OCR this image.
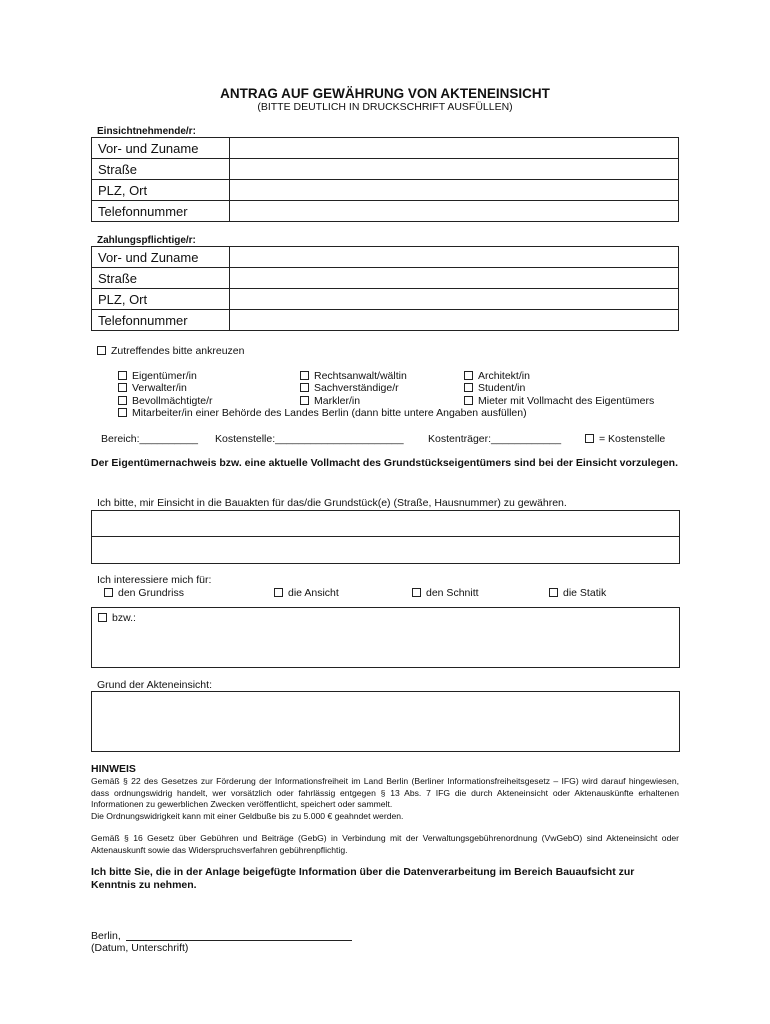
ANTRAG AUF GEWÄHRUNG VON AKTENEINSICHT
(BITTE DEUTLICH IN DRUCKSCHRIFT AUSFÜLLEN)
Einsichtnehmende/r:
Vor- und Zuname	
Straße	
PLZ, Ort	
Telefonnummer	
Zahlungspflichtige/r:
Vor- und Zuname	
Straße	
PLZ, Ort	
Telefonnummer	
Zutreffendes bitte ankreuzen
Eigentümer/in	Rechtsanwalt/wältin	Architekt/in
Verwalter/in	Sachverständige/r	Student/in
Bevollmächtigte/r	Markler/in	Mieter mit Vollmacht des Eigentümers
Mitarbeiter/in einer Behörde des Landes Berlin (dann bitte untere Angaben ausfüllen)
Bereich:__________ Kostenstelle:______________________ Kostenträger:____________	= Kostenstelle
Der Eigentümernachweis bzw. eine aktuelle Vollmacht des Grundstückseigentümers sind bei der Einsicht vorzulegen.
Ich bitte, mir Einsicht in die Bauakten für das/die Grundstück(e) (Straße, Hausnummer) zu gewähren.
Ich interessiere mich für:
den Grundriss	die Ansicht	den Schnitt	die Statik
bzw.:
Grund der Akteneinsicht:
HINWEIS
Gemäß § 22 des Gesetzes zur Förderung der Informationsfreiheit im Land Berlin (Berliner Informationsfreiheitsgesetz – IFG) wird darauf hingewiesen, dass ordnungswidrig handelt, wer vorsätzlich oder fahrlässig entgegen § 13 Abs. 7 IFG die durch Akteneinsicht oder Aktenauskünfte erhaltenen Informationen zu gewerblichen Zwecken veröffentlicht, speichert oder sammelt.
Die Ordnungswidrigkeit kann mit einer Geldbuße bis zu 5.000 € geahndet werden.
Gemäß § 16 Gesetz über Gebühren und Beiträge (GebG) in Verbindung mit der Verwaltungsgebührenordnung (VwGebO) sind Akteneinsicht oder Aktenauskunft sowie das Widerspruchsverfahren gebührenpflichtig.
Ich bitte Sie, die in der Anlage beigefügte Information über die Datenverarbeitung im Bereich Bauaufsicht zur Kenntnis zu nehmen.
Berlin,
(Datum, Unterschrift)
